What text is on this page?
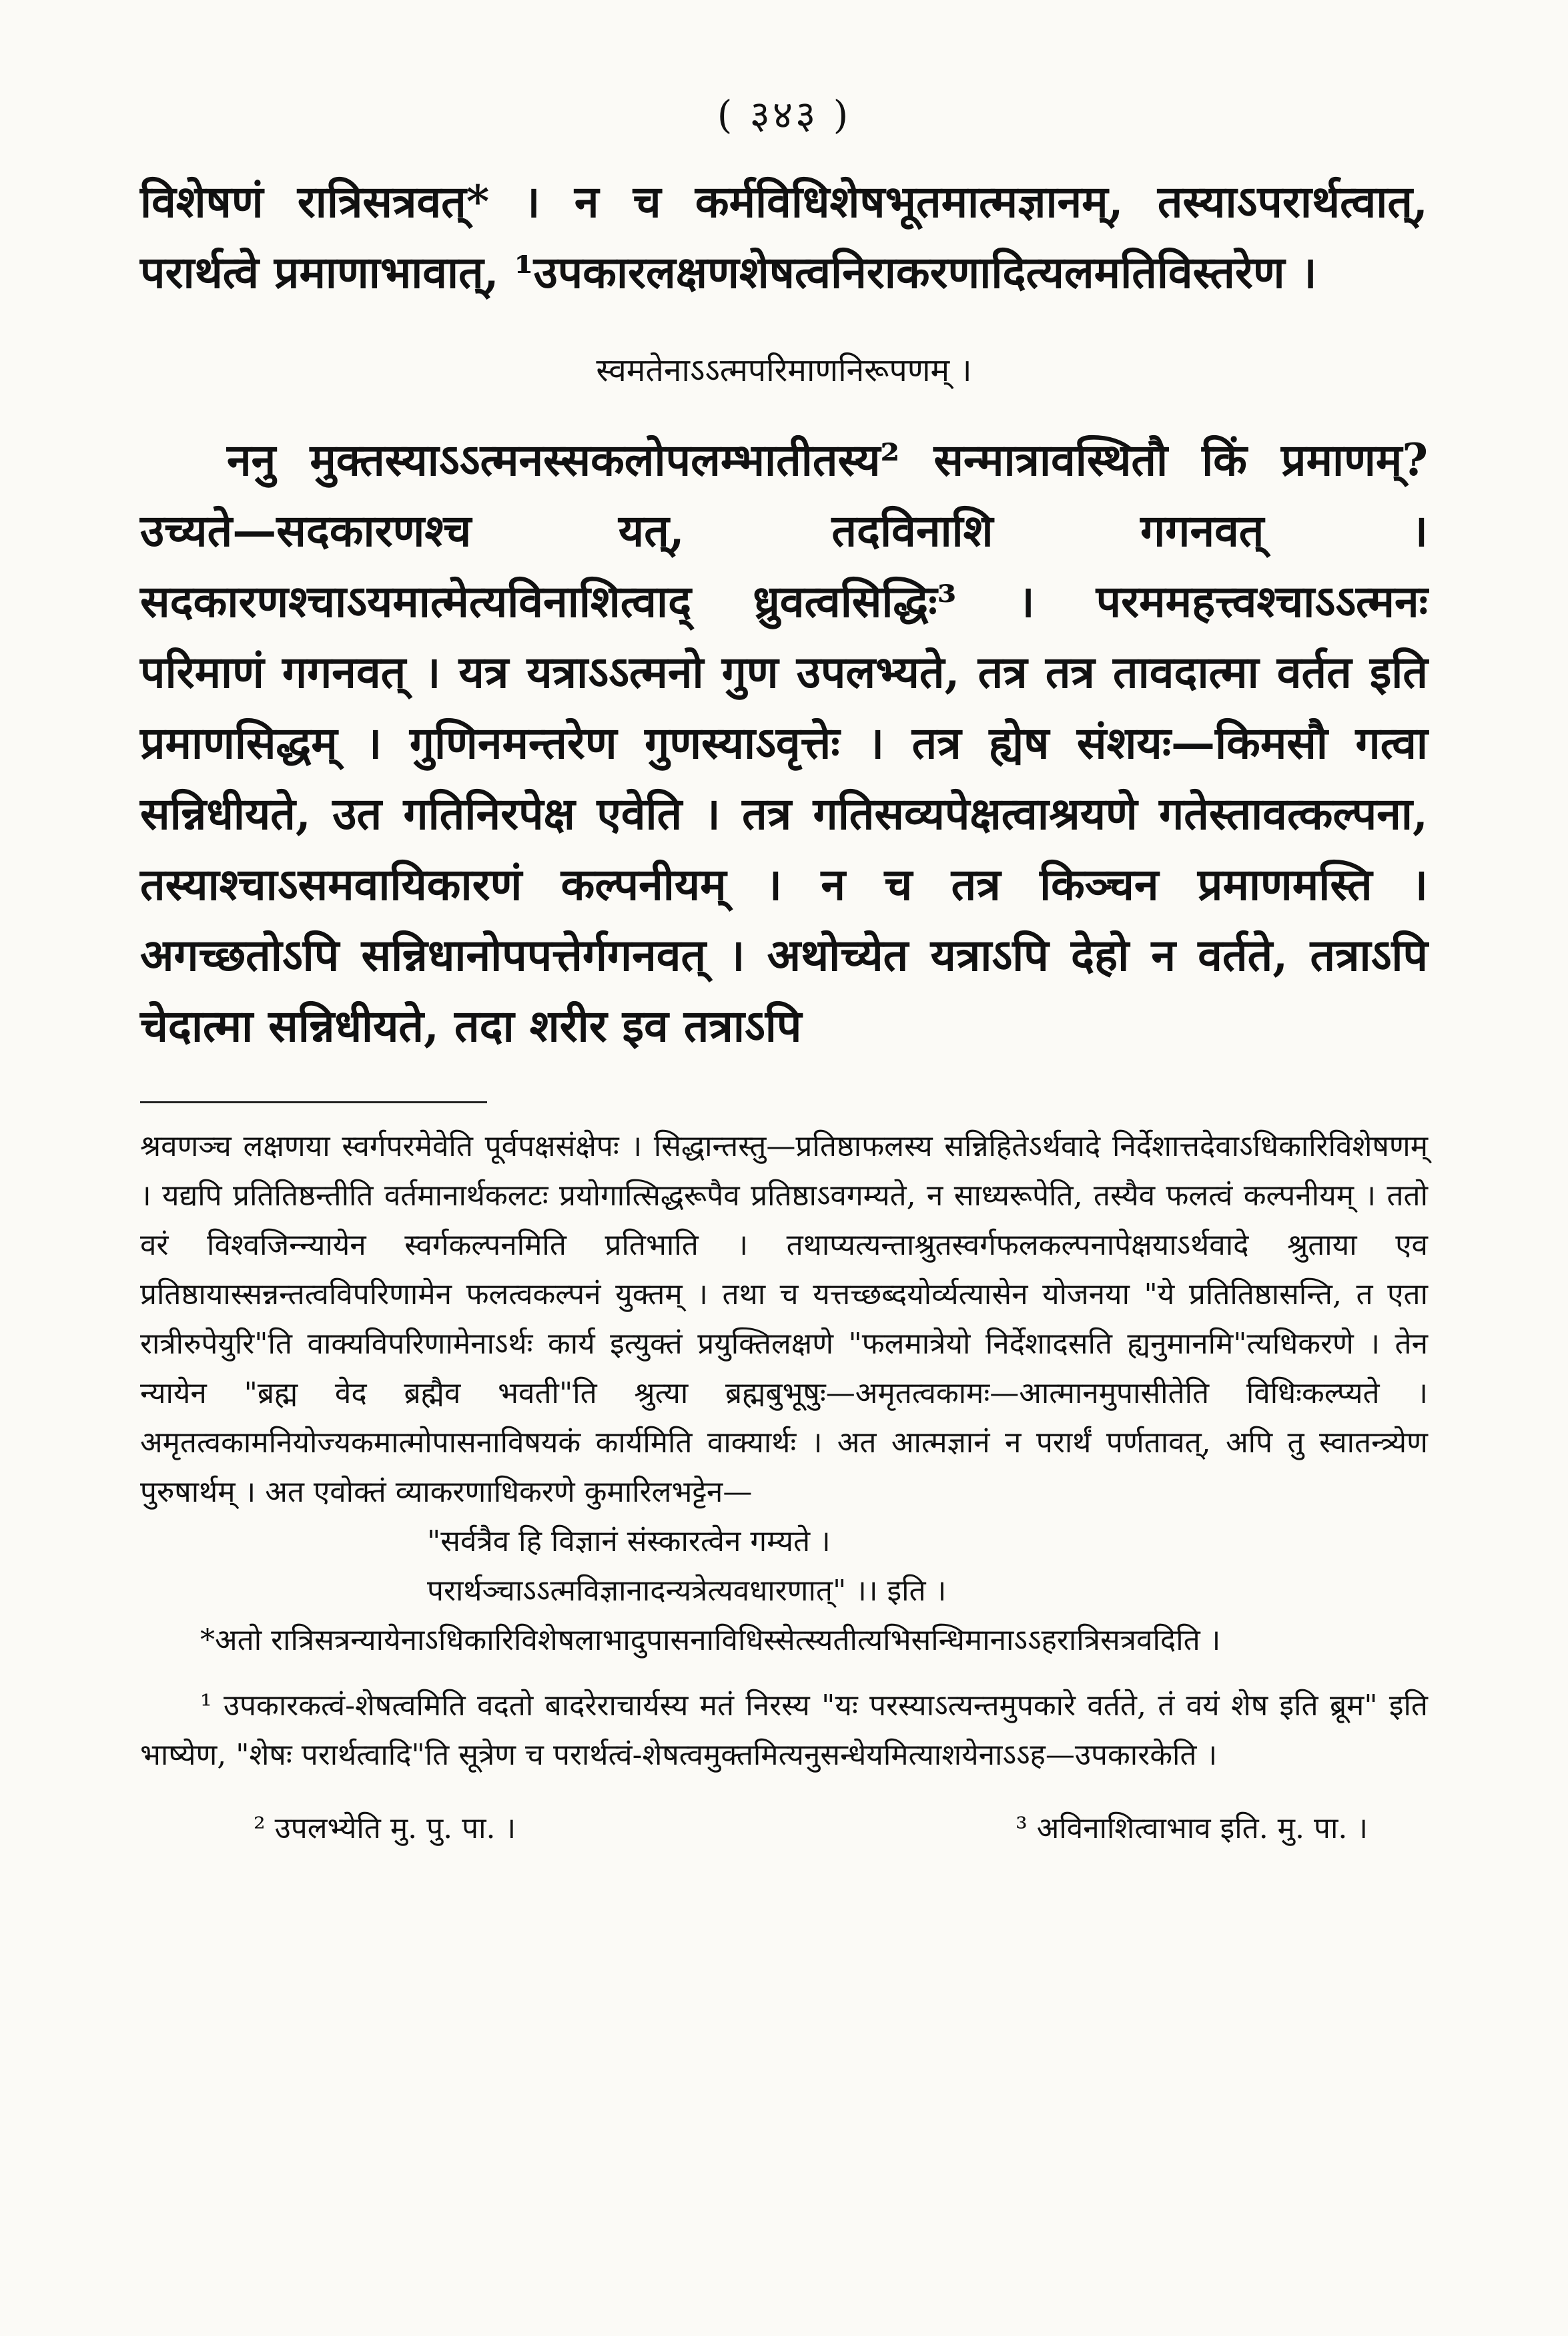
( ३४३ )

विशेषणं रात्रिसत्रवत्* । न च कर्मविधिशेषभूतमात्मज्ञानम्, तस्याऽपरार्थत्वात्, परार्थत्वे प्रमाणाभावात्, ¹उपकारलक्षणशेषत्वनिराकरणादित्यलमतिविस्तरेण ।

स्वमतेनाऽऽत्मपरिमाणनिरूपणम् ।

ननु मुक्तस्याऽऽत्मनस्सकलोपलम्भातीतस्य² सन्मात्रावस्थितौ किं प्रमाणम्? उच्यते—सदकारणश्च यत्, तदविनाशि गगनवत् । सदकारणश्चाऽयमात्मेत्यविनाशित्वाद् ध्रुवत्वसिद्धिः³ । परममहत्त्वश्चाऽऽत्मनः परिमाणं गगनवत् । यत्र यत्राऽऽत्मनो गुण उपलभ्यते, तत्र तत्र तावदात्मा वर्तत इति प्रमाणसिद्धम् । गुणिनमन्तरेण गुणस्याऽवृत्तेः । तत्र ह्येष संशयः—किमसौ गत्वा सन्निधीयते, उत गतिनिरपेक्ष एवेति । तत्र गतिसव्यपेक्षत्वाश्रयणे गतेस्तावत्कल्पना, तस्याश्चाऽसमवायिकारणं कल्पनीयम् । न च तत्र किञ्चन प्रमाणमस्ति । अगच्छतोऽपि सन्निधानोपपत्तेर्गगनवत् । अथोच्येत यत्राऽपि देहो न वर्तते, तत्राऽपि चेदात्मा सन्निधीयते, तदा शरीर इव तत्राऽपि

श्रवणञ्च लक्षणया स्वर्गपरमेवेति पूर्वपक्षसंक्षेपः । सिद्धान्तस्तु—प्रतिष्ठाफलस्य सन्निहितेऽर्थवादे निर्देशात्तदेवाऽधिकारिविशेषणम् । यद्यपि प्रतितिष्ठन्तीति वर्तमानार्थकलटः प्रयोगात्सिद्धरूपैव प्रतिष्ठाऽवगम्यते, न साध्यरूपेति, तस्यैव फलत्वं कल्पनीयम् । ततो वरं विश्वजिन्न्यायेन स्वर्गकल्पनमिति प्रतिभाति । तथाप्यत्यन्ताश्रुतस्वर्गफलकल्पनापेक्षयाऽर्थवादे श्रुताया एव प्रतिष्ठायास्सन्नन्तत्वविपरिणामेन फलत्वकल्पनं युक्तम् । तथा च यत्तच्छब्दयोर्व्यत्यासेन योजनया "ये प्रतितिष्ठासन्ति, त एता रात्रीरुपेयुरि"ति वाक्यविपरिणामेनाऽर्थः कार्य इत्युक्तं प्रयुक्तिलक्षणे "फलमात्रेयो निर्देशादसति ह्यनुमानमि"त्यधिकरणे । तेन न्यायेन "ब्रह्म वेद ब्रह्मैव भवती"ति श्रुत्या ब्रह्मबुभूषुः—अमृतत्वकामः—आत्मानमुपासीतेति विधिःकल्प्यते । अमृतत्वकामनियोज्यकमात्मोपासनाविषयकं कार्यमिति वाक्यार्थः । अत आत्मज्ञानं न परार्थं पर्णतावत्, अपि तु स्वातन्त्र्येण पुरुषार्थम् । अत एवोक्तं व्याकरणाधिकरणे कुमारिलभट्टेन—

"सर्वत्रैव हि विज्ञानं संस्कारत्वेन गम्यते ।

परार्थञ्चाऽऽत्मविज्ञानादन्यत्रेत्यवधारणात्" ।। इति ।

*अतो रात्रिसत्रन्यायेनाऽधिकारिविशेषलाभादुपासनाविधिस्सेत्स्यतीत्यभिसन्धिमानाऽऽहरात्रिसत्रवदिति ।

¹ उपकारकत्वं-शेषत्वमिति वदतो बादरेराचार्यस्य मतं निरस्य "यः परस्याऽत्यन्तमुपकारे वर्तते, तं वयं शेष इति ब्रूम" इति भाष्येण, "शेषः परार्थत्वादि"ति सूत्रेण च परार्थत्वं-शेषत्वमुक्तमित्यनुसन्धेयमित्याशयेनाऽऽह—उपकारकेति ।

² उपलभ्येति मु. पु. पा. ।	³ अविनाशित्वाभाव इति. मु. पा. ।
